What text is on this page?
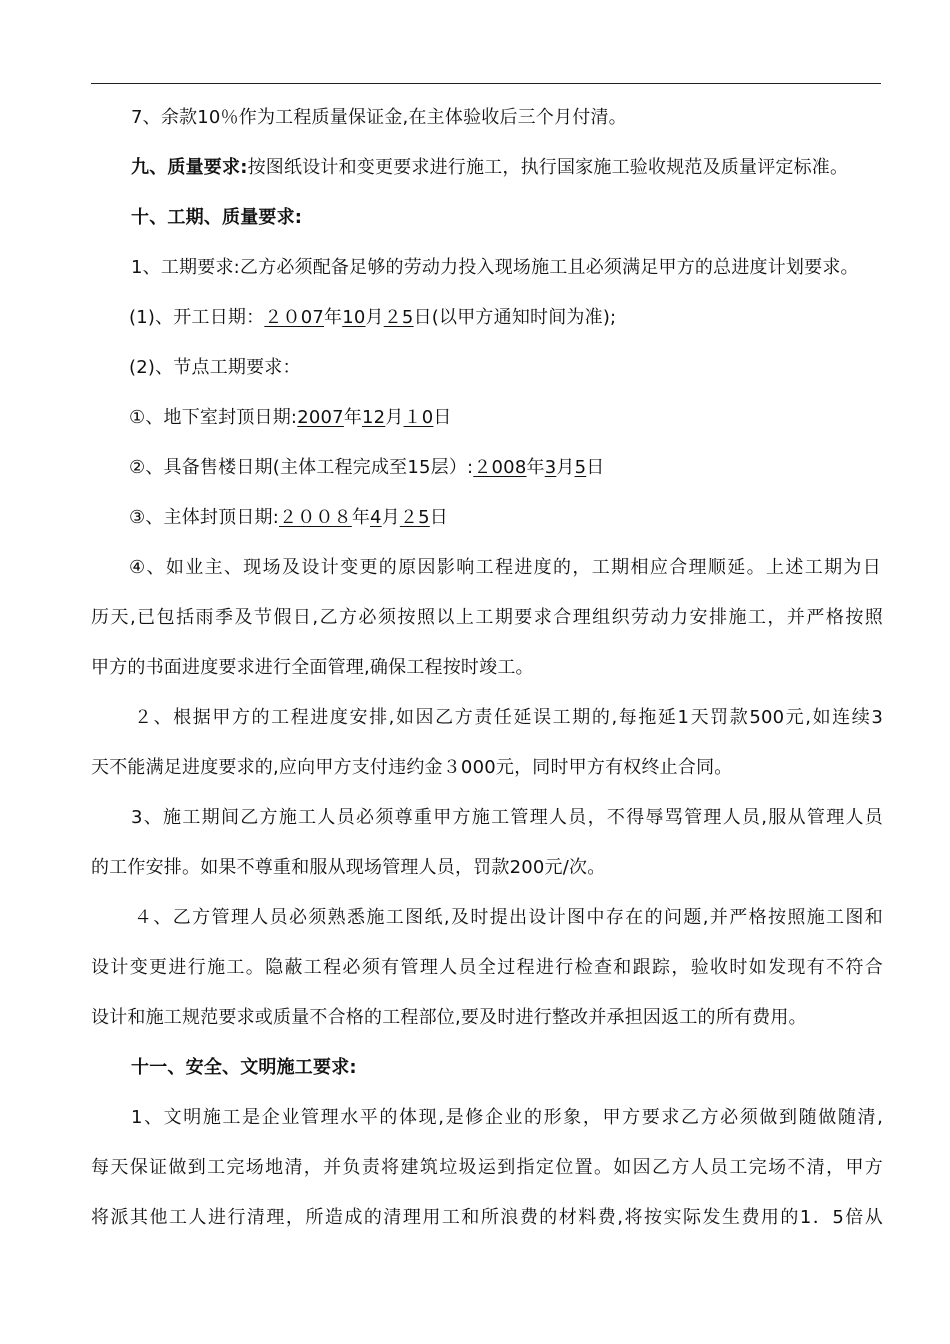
7、余款10％作为工程质量保证金,在主体验收后三个月付清。
九、质量要求:按图纸设计和变更要求进行施工，执行国家施工验收规范及质量评定标准。
十、工期、质量要求:
1、工期要求:乙方必须配备足够的劳动力投入现场施工且必须满足甲方的总进度计划要求。
(1)、开工日期：２０07年10月２5日(以甲方通知时间为准);
(2)、节点工期要求：
①、地下室封顶日期:2007年12月１0日
②、具备售楼日期(主体工程完成至15层）:２008年3月5日
③、主体封顶日期:２００８年4月２5日
④、如业主、现场及设计变更的原因影响工程进度的，工期相应合理顺延。上述工期为日
历天,已包括雨季及节假日,乙方必须按照以上工期要求合理组织劳动力安排施工，并严格按照
甲方的书面进度要求进行全面管理,确保工程按时竣工。
２、根据甲方的工程进度安排,如因乙方责任延误工期的,每拖延1天罚款500元,如连续3
天不能满足进度要求的,应向甲方支付违约金３000元，同时甲方有权终止合同。
3、施工期间乙方施工人员必须尊重甲方施工管理人员，不得辱骂管理人员,服从管理人员
的工作安排。如果不尊重和服从现场管理人员，罚款200元/次。
４、乙方管理人员必须熟悉施工图纸,及时提出设计图中存在的问题,并严格按照施工图和
设计变更进行施工。隐蔽工程必须有管理人员全过程进行检查和跟踪，验收时如发现有不符合
设计和施工规范要求或质量不合格的工程部位,要及时进行整改并承担因返工的所有费用。
十一、安全、文明施工要求:
1、文明施工是企业管理水平的体现,是修企业的形象，甲方要求乙方必须做到随做随清,
每天保证做到工完场地清，并负责将建筑垃圾运到指定位置。如因乙方人员工完场不清，甲方
将派其他工人进行清理，所造成的清理用工和所浪费的材料费,将按实际发生费用的1．5倍从
